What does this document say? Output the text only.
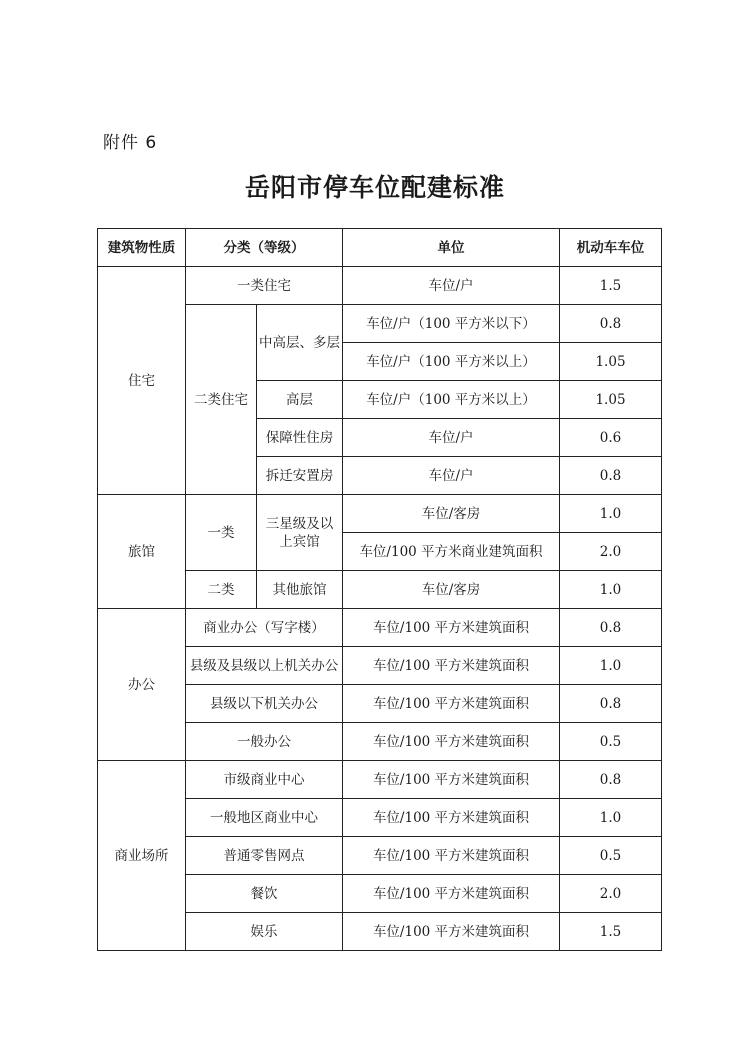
附件 6
岳阳市停车位配建标准
建筑物性质	分类（等级）		单位	机动车车位
住宅	一类住宅		车位/户	1.5
	二类住宅	中高层、多层	车位/户（100 平方米以下）	0.8
			车位/户（100 平方米以上）	1.05
		高层	车位/户（100 平方米以上）	1.05
		保障性住房	车位/户	0.6
		拆迁安置房	车位/户	0.8
旅馆	一类	三星级及以上宾馆	车位/客房	1.0
			车位/100 平方米商业建筑面积	2.0
	二类	其他旅馆	车位/客房	1.0
办公	商业办公（写字楼）		车位/100 平方米建筑面积	0.8
	县级及县级以上机关办公		车位/100 平方米建筑面积	1.0
	县级以下机关办公		车位/100 平方米建筑面积	0.8
	一般办公		车位/100 平方米建筑面积	0.5
商业场所	市级商业中心		车位/100 平方米建筑面积	0.8
	一般地区商业中心		车位/100 平方米建筑面积	1.0
	普通零售网点		车位/100 平方米建筑面积	0.5
	餐饮		车位/100 平方米建筑面积	2.0
	娱乐		车位/100 平方米建筑面积	1.5
